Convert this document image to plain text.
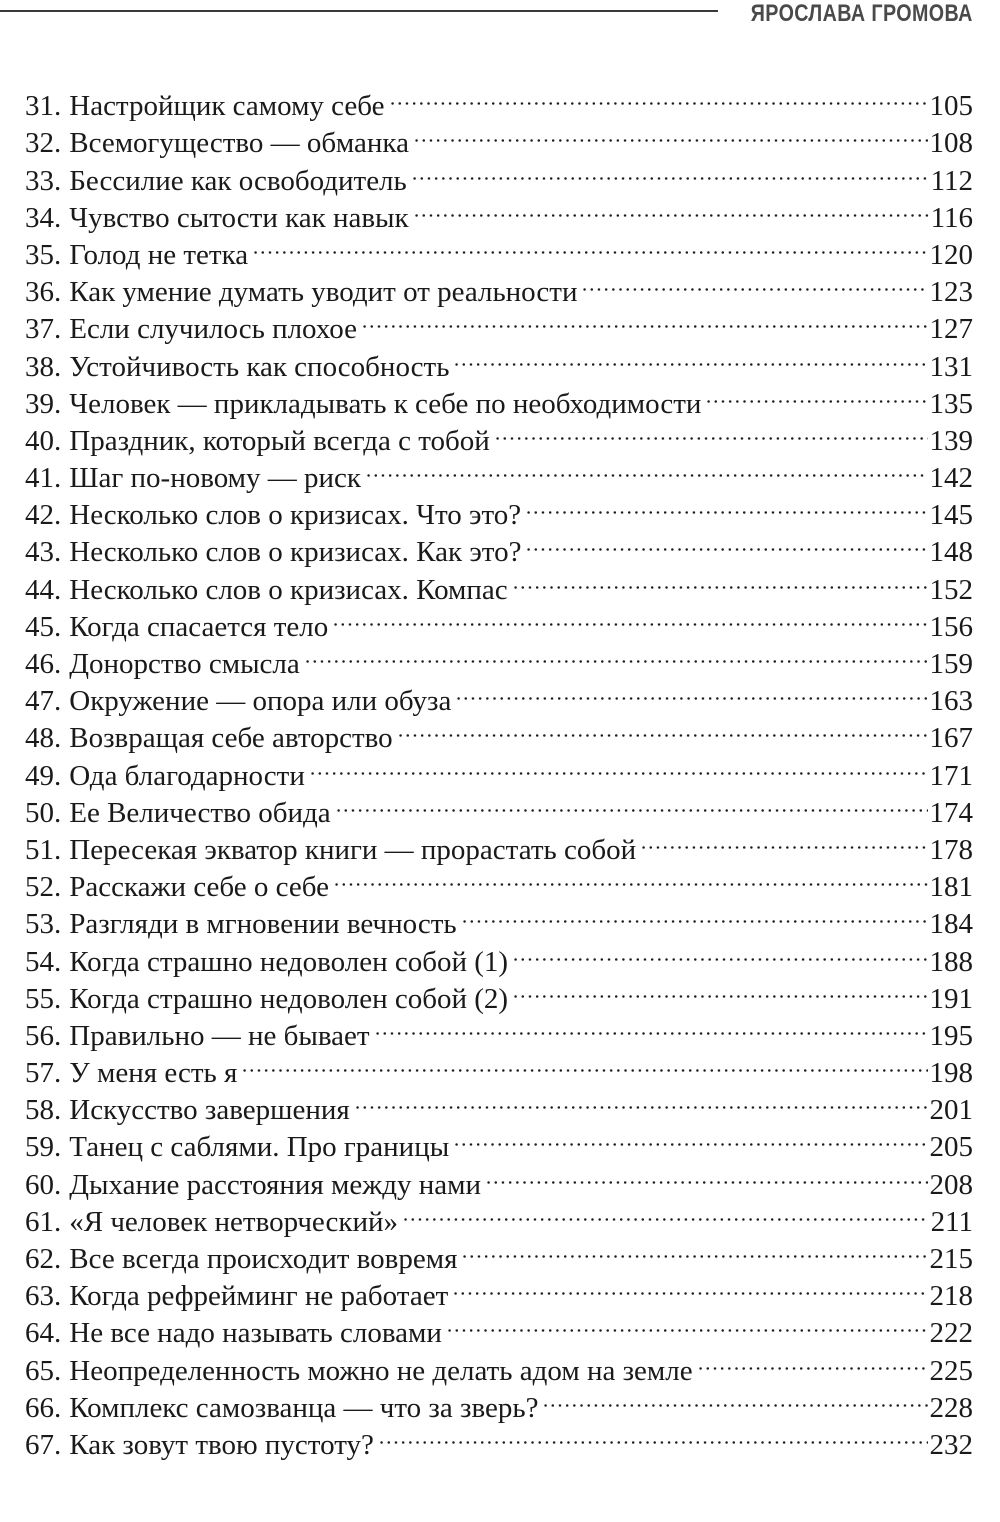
ЯРОСЛАВА ГРОМОВА
31. Настройщик самому себе	105
32. Всемогущество — обманка	108
33. Бессилие как освободитель	112
34. Чувство сытости как навык	116
35. Голод не тетка	120
36. Как умение думать уводит от реальности	123
37. Если случилось плохое	127
38. Устойчивость как способность	131
39. Человек — прикладывать к себе по необходимости	135
40. Праздник, который всегда с тобой	139
41. Шаг по-новому — риск	142
42. Несколько слов о кризисах. Что это?	145
43. Несколько слов о кризисах. Как это?	148
44. Несколько слов о кризисах. Компас	152
45. Когда спасается тело	156
46. Донорство смысла	159
47. Окружение — опора или обуза	163
48. Возвращая себе авторство	167
49. Ода благодарности	171
50. Ее Величество обида	174
51. Пересекая экватор книги — прорастать собой	178
52. Расскажи себе о себе	181
53. Разгляди в мгновении вечность	184
54. Когда страшно недоволен собой (1)	188
55. Когда страшно недоволен собой (2)	191
56. Правильно — не бывает	195
57. У меня есть я	198
58. Искусство завершения	201
59. Танец с саблями. Про границы	205
60. Дыхание расстояния между нами	208
61. «Я человек нетворческий»	211
62. Все всегда происходит вовремя	215
63. Когда рефрейминг не работает	218
64. Не все надо называть словами	222
65. Неопределенность можно не делать адом на земле	225
66. Комплекс самозванца — что за зверь?	228
67. Как зовут твою пустоту?	232
